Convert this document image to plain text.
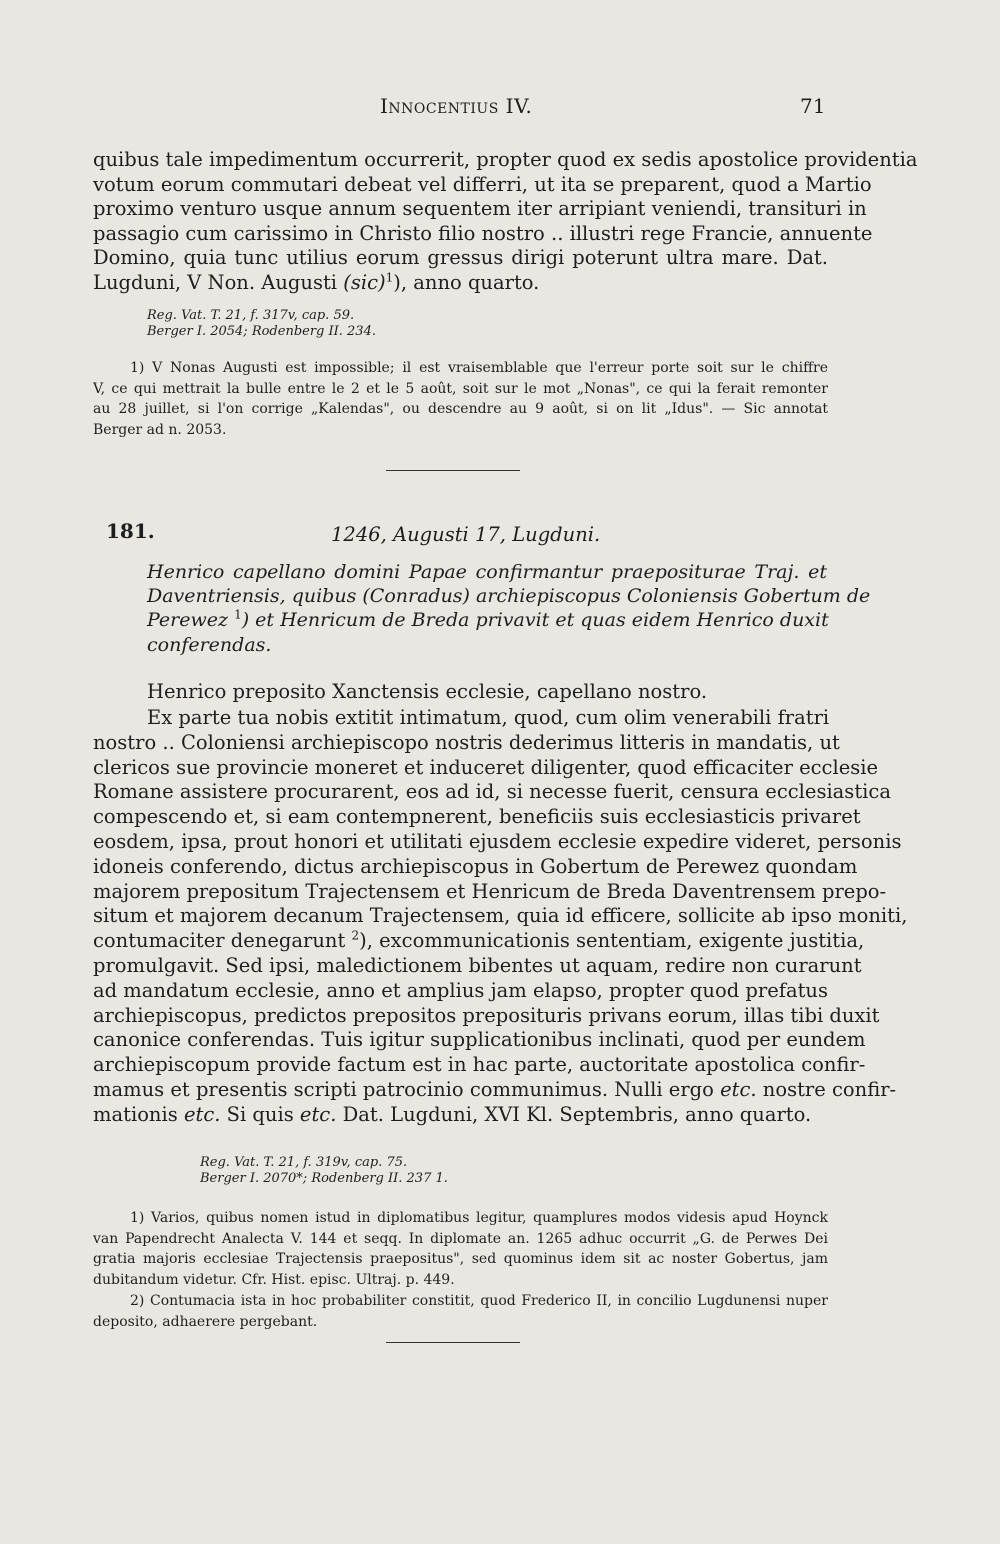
Innocentius IV.	71
quibus tale impedimentum occurrerit, propter quod ex sedis apostolice providentia
votum eorum commutari debeat vel differri, ut ita se preparent, quod a Martio
proximo venturo usque annum sequentem iter arripiant veniendi, transituri in
passagio cum carissimo in Christo filio nostro .. illustri rege Francie, annuente
Domino, quia tunc utilius eorum gressus dirigi poterunt ultra mare. Dat.
Lugduni, V Non. Augusti (sic)$^1$), anno quarto.
Reg. Vat. T. 21, f. 317v, cap. 59.
Berger I. 2054; Rodenberg II. 234.
1) V Nonas Augusti est impossible; il est vraisemblable que l'erreur porte soit sur le chiffre
V, ce qui mettrait la bulle entre le 2 et le 5 août, soit sur le mot „Nonas", ce qui la ferait remonter
au 28 juillet, si l'on corrige „Kalendas", ou descendre au 9 août, si on lit „Idus". — Sic annotat
Berger ad n. 2053.
181.	1246, Augusti 17, Lugduni.
Henrico capellano domini Papae confirmantur praepositurae Traj. et
Daventriensis, quibus (Conradus) archiepiscopus Coloniensis Gobertum de
Perewez $^1$) et Henricum de Breda privavit et quas eidem Henrico duxit
conferendas.
Henrico preposito Xanctensis ecclesie, capellano nostro.
Ex parte tua nobis extitit intimatum, quod, cum olim venerabili fratri
nostro .. Coloniensi archiepiscopo nostris dederimus litteris in mandatis, ut
clericos sue provincie moneret et induceret diligenter, quod efficaciter ecclesie
Romane assistere procurarent, eos ad id, si necesse fuerit, censura ecclesiastica
compescendo et, si eam contempnerent, beneficiis suis ecclesiasticis privaret
eosdem, ipsa, prout honori et utilitati ejusdem ecclesie expedire videret, personis
idoneis conferendo, dictus archiepiscopus in Gobertum de Perewez quondam
majorem prepositum Trajectensem et Henricum de Breda Daventrensem prepo-
situm et majorem decanum Trajectensem, quia id efficere, sollicite ab ipso moniti,
contumaciter denegarunt $^2$), excommunicationis sententiam, exigente justitia,
promulgavit. Sed ipsi, maledictionem bibentes ut aquam, redire non curarunt
ad mandatum ecclesie, anno et amplius jam elapso, propter quod prefatus
archiepiscopus, predictos prepositos preposituris privans eorum, illas tibi duxit
canonice conferendas. Tuis igitur supplicationibus inclinati, quod per eundem
archiepiscopum provide factum est in hac parte, auctoritate apostolica confir-
mamus et presentis scripti patrocinio communimus. Nulli ergo etc. nostre confir-
mationis etc. Si quis etc. Dat. Lugduni, XVI Kl. Septembris, anno quarto.
Reg. Vat. T. 21, f. 319v, cap. 75.
Berger I. 2070*; Rodenberg II. 237 1.
1) Varios, quibus nomen istud in diplomatibus legitur, quamplures modos videsis apud Hoynck
van Papendrecht Analecta V. 144 et seqq. In diplomate an. 1265 adhuc occurrit „G. de Perwes Dei
gratia majoris ecclesiae Trajectensis praepositus", sed quominus idem sit ac noster Gobertus, jam
dubitandum videtur. Cfr. Hist. episc. Ultraj. p. 449.
2) Contumacia ista in hoc probabiliter constitit, quod Frederico II, in concilio Lugdunensi nuper
deposito, adhaerere pergebant.
